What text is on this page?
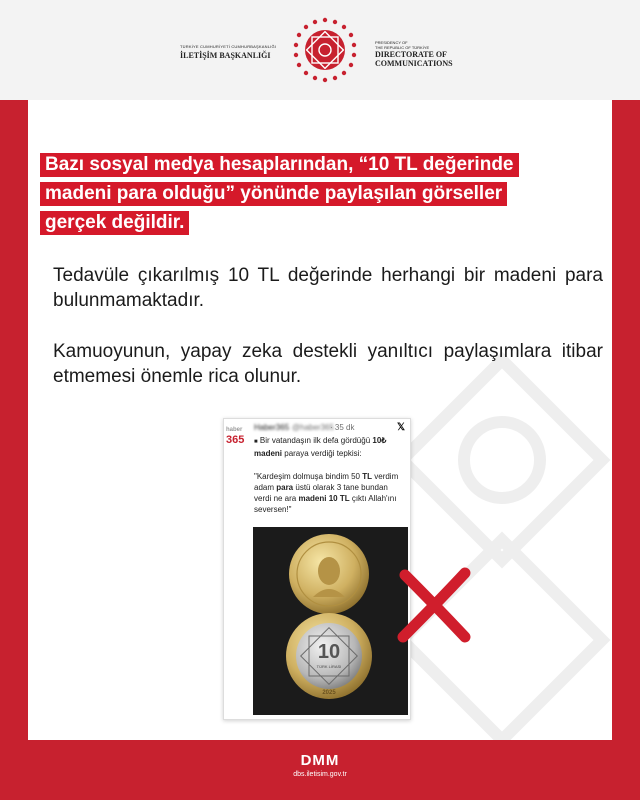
TÜRKİYE CUMHURİYETİ CUMHURBAŞKANLIĞI
İLETİŞİM BAŞKANLIĞI
PRESIDENCY OF
THE REPUBLIC OF TÜRKİYE
DIRECTORATE OF
COMMUNICATIONS
Bazı sosyal medya hesaplarından, “10 TL değerinde
madeni para olduğu” yönünde paylaşılan görseller
gerçek değildir.
Tedavüle çıkarılmış 10 TL değerinde herhangi bir madeni para bulunmamaktadır.
Kamuoyunun, yapay zeka destekli yanıltıcı paylaşımlara itibar etmemesi önemle rica olunur.
haber
365
Haber365 @haber365
· 35 dk	𝕏
■ Bir vatandaşın ilk defa gördüğü 10₺
madeni paraya verdiği tepkisi:
"Kardeşim dolmuşa bindim 50 TL verdim adam para üstü olarak 3 tane bundan verdi ne ara madeni 10 TL çıktı Allah'ını seversen!"
10
TÜRK LİRASI
2025
DMM
dbs.iletisim.gov.tr
